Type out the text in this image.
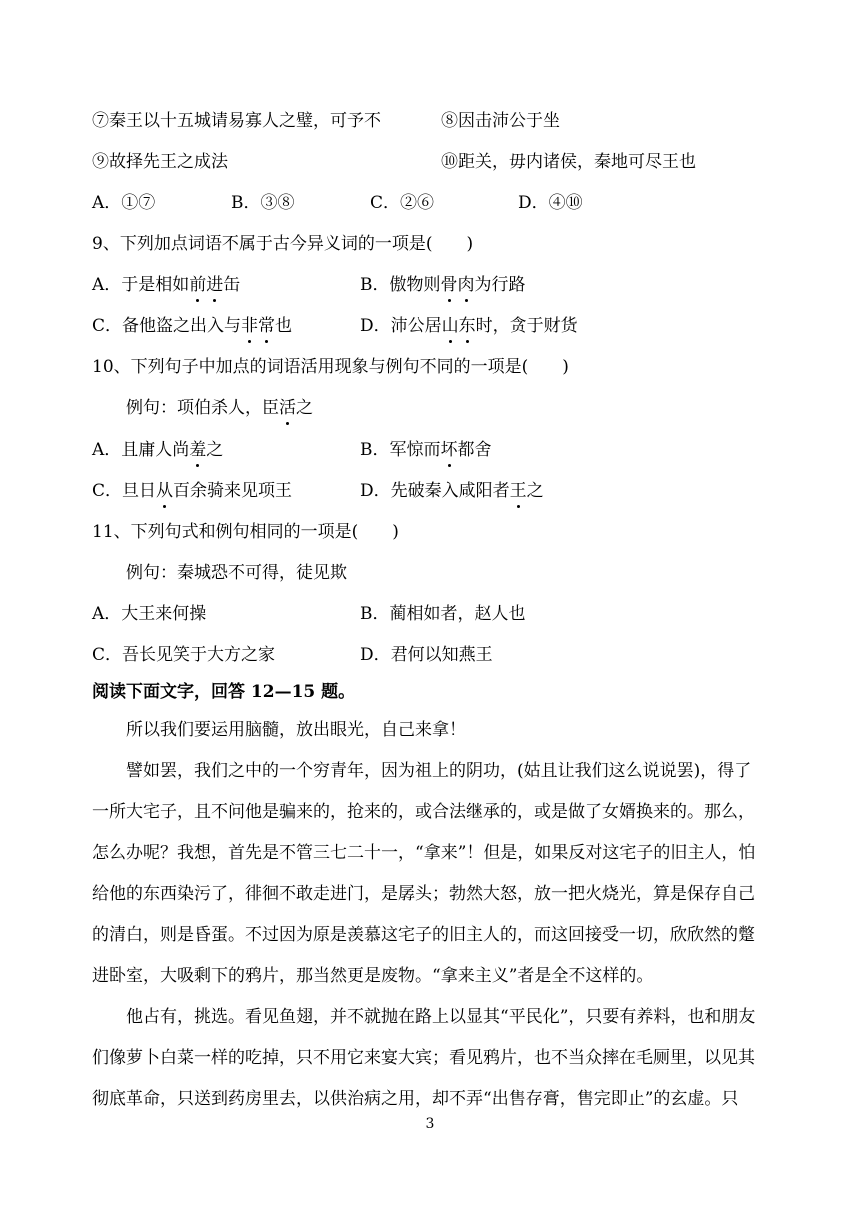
⑦秦王以十五城请易寡人之璧，可予不	⑧因击沛公于坐
⑨故择先王之成法	⑩距关，毋内诸侯，秦地可尽王也
A．①⑦	B．③⑧	C．②⑥	D．④⑩
9、下列加点词语不属于古今异义词的一项是(　　)
A．于是相如前进缶	B．傲物则骨肉为行路
C．备他盗之出入与非常也	D．沛公居山东时，贪于财货
10、下列句子中加点的词语活用现象与例句不同的一项是(　　)
例句：项伯杀人，臣活之
A．且庸人尚羞之	B．军惊而坏都舍
C．旦日从百余骑来见项王	D．先破秦入咸阳者王之
11、下列句式和例句相同的一项是(　　)
例句：秦城恐不可得，徒见欺
A．大王来何操	B．蔺相如者，赵人也
C．吾长见笑于大方之家	D．君何以知燕王
阅读下面文字，回答 12—15 题。
所以我们要运用脑髓，放出眼光，自己来拿！
譬如罢，我们之中的一个穷青年，因为祖上的阴功，(姑且让我们这么说说罢)，得了
一所大宅子，且不问他是骗来的，抢来的，或合法继承的，或是做了女婿换来的。那么，
怎么办呢？我想，首先是不管三七二十一，“拿来”！但是，如果反对这宅子的旧主人，怕
给他的东西染污了，徘徊不敢走进门，是孱头；勃然大怒，放一把火烧光，算是保存自己
的清白，则是昏蛋。不过因为原是羡慕这宅子的旧主人的，而这回接受一切，欣欣然的蹩
进卧室，大吸剩下的鸦片，那当然更是废物。“拿来主义”者是全不这样的。
他占有，挑选。看见鱼翅，并不就抛在路上以显其“平民化”，只要有养料，也和朋友
们像萝卜白菜一样的吃掉，只不用它来宴大宾；看见鸦片，也不当众摔在毛厕里，以见其
彻底革命，只送到药房里去，以供治病之用，却不弄“出售存膏，售完即止”的玄虚。只
3
